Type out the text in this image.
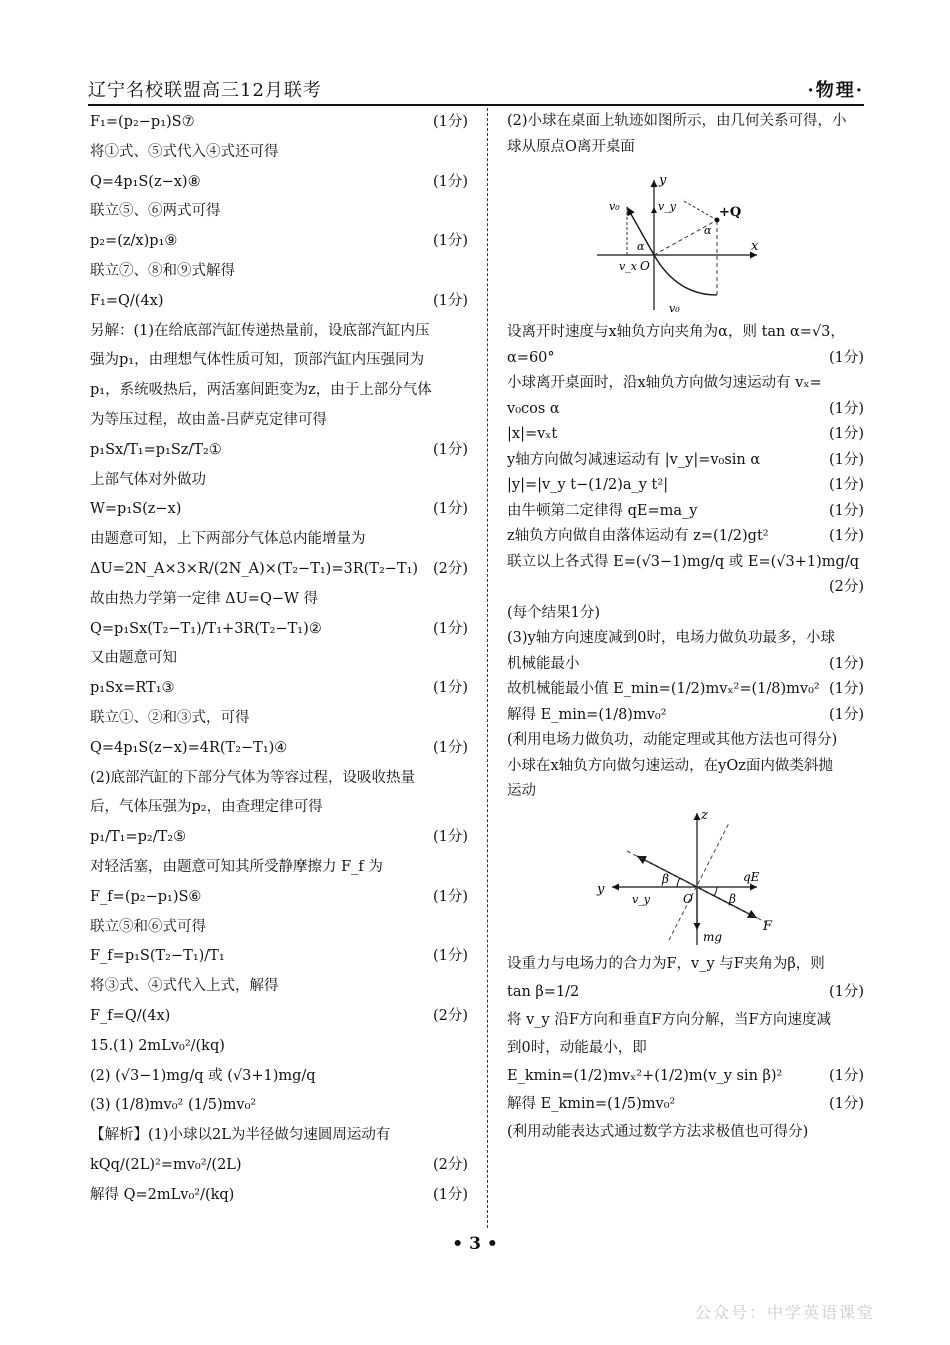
辽宁名校联盟高三12月联考	·物理·
F₁=(p₂−p₁)S⑦	(1分)
将①式、⑤式代入④式还可得
Q=4p₁S(z−x)⑧	(1分)
联立⑤、⑥两式可得
p₂=(z/x)p₁⑨	(1分)
联立⑦、⑧和⑨式解得
F₁=Q/(4x)	(1分)
另解：(1)在给底部汽缸传递热量前，设底部汽缸内压
强为p₁，由理想气体性质可知，顶部汽缸内压强同为
p₁，系统吸热后，两活塞间距变为z，由于上部分气体
为等压过程，故由盖-吕萨克定律可得
p₁Sx/T₁=p₁Sz/T₂①	(1分)
上部气体对外做功
W=p₁S(z−x)	(1分)
由题意可知，上下两部分气体总内能增量为
ΔU=2N_A×3×R/(2N_A)×(T₂−T₁)=3R(T₂−T₁) (2分)
故由热力学第一定律 ΔU=Q−W 得
Q=p₁Sx(T₂−T₁)/T₁+3R(T₂−T₁)②	(1分)
又由题意可知
p₁Sx=RT₁③	(1分)
联立①、②和③式，可得
Q=4p₁S(z−x)=4R(T₂−T₁)④	(1分)
(2)底部汽缸的下部分气体为等容过程，设吸收热量
后，气体压强为p₂，由查理定律可得
p₁/T₁=p₂/T₂⑤	(1分)
对轻活塞，由题意可知其所受静摩擦力 F_f 为
F_f=(p₂−p₁)S⑥	(1分)
联立⑤和⑥式可得
F_f=p₁S(T₂−T₁)/T₁	(1分)
将③式、④式代入上式，解得
F_f=Q/(4x)	(2分)
15.(1) 2mLv₀²/(kq)
(2) (√3−1)mg/q 或 (√3+1)mg/q
(3) (1/8)mv₀² (1/5)mv₀²
【解析】(1)小球以2L为半径做匀速圆周运动有
kQq/(2L)²=mv₀²/(2L)	(2分)
解得 Q=2mLv₀²/(kq)	(1分)
(2)小球在桌面上轨迹如图所示，由几何关系可得，小
球从原点O离开桌面
y
x
O
v₀	v_y
v_x
+Q
α
α
v₀
设离开时速度与x轴负方向夹角为α，则 tan α=√3，
α=60°	(1分)
小球离开桌面时，沿x轴负方向做匀速运动有 vₓ=
v₀cos α	(1分)
|x|=vₓt	(1分)
y轴方向做匀减速运动有 |v_y|=v₀sin α	(1分)
|y|=|v_y t−(1/2)a_y t²|	(1分)
由牛顿第二定律得 qE=ma_y	(1分)
z轴负方向做自由落体运动有 z=(1/2)gt²	(1分)
联立以上各式得 E=(√3−1)mg/q 或 E=(√3+1)mg/q
(2分)
(每个结果1分)
(3)y轴方向速度减到0时，电场力做负功最多，小球
机械能最小	(1分)
故机械能最小值 E_min=(1/2)mvₓ²=(1/8)mv₀² (1分)
解得 E_min=(1/8)mv₀²	(1分)
(利用电场力做负功，动能定理或其他方法也可得分)
小球在x轴负方向做匀速运动，在yOz面内做类斜抛
运动
z
y
O
v_y
β
β
qE
F
mg
设重力与电场力的合力为F，v_y 与F夹角为β，则
tan β=1/2	(1分)
将 v_y 沿F方向和垂直F方向分解，当F方向速度减
到0时，动能最小，即
E_kmin=(1/2)mvₓ²+(1/2)m(v_y sin β)²	(1分)
解得 E_kmin=(1/5)mv₀²	(1分)
(利用动能表达式通过数学方法求极值也可得分)
• 3 •
公众号：中学英语课堂
